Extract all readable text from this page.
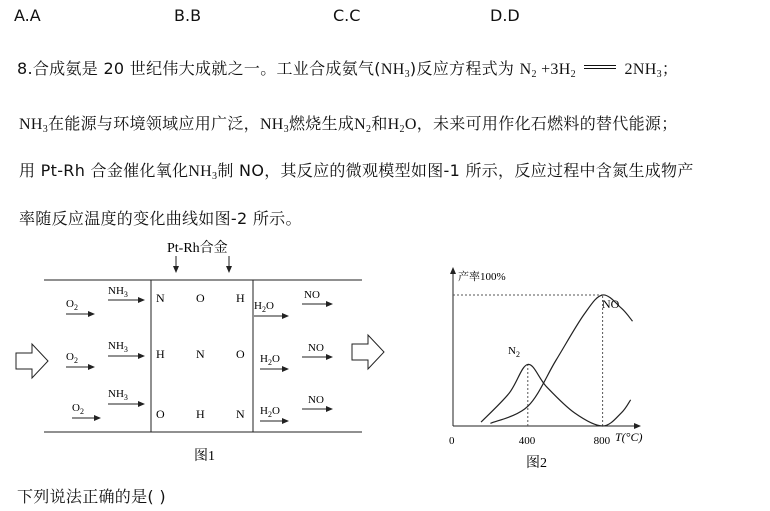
A.A	B.B	C.C	D.D
8.合成氨是 20 世纪伟大成就之一。工业合成氨气$(NH_3)$反应方程式为 $N_2 +3H_2$	$2NH_3$；
$NH_3$在能源与环境领域应用广泛，$NH_3$燃烧生成$N_2$和$H_2O$，未来可用作化石燃料的替代能源；
用 Pt-Rh 合金催化氧化$NH_3$制 NO，其反应的微观模型如图-1 所示，反应过程中含氮生成物产
率随反应温度的变化曲线如图-2 所示。
Pt-Rh合金
$O_2$
$NH_3$
$O_2$
$NH_3$
$O_2$
$NH_3$
N	O	H
H	N	O
O	H	N
$H_2O$
NO
$H_2O$
NO
$H_2O$
NO
图1
产率100%
T(°C)
0	400	800
$N_2$
NO
图2
下列说法正确的是( )
